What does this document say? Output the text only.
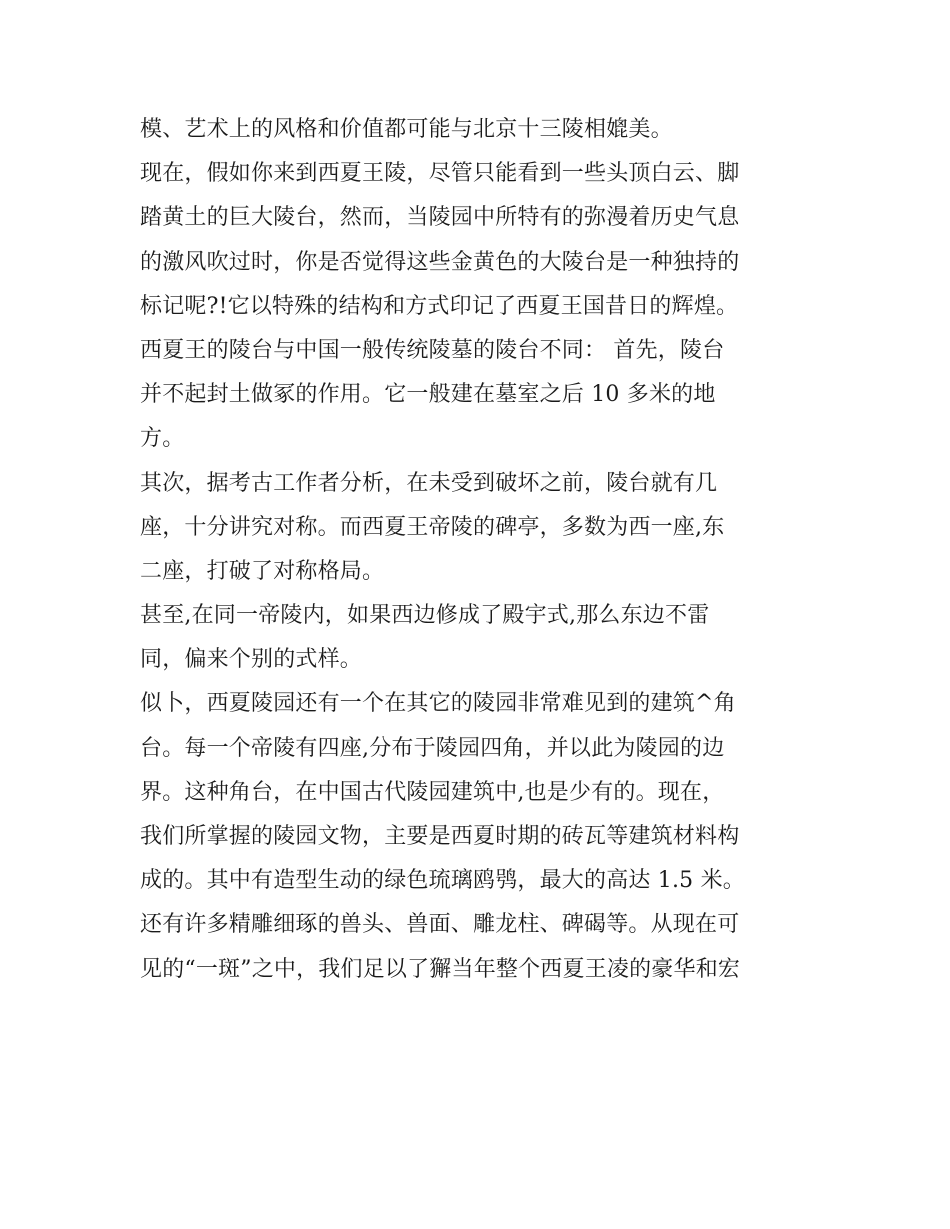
模、艺术上的风格和价值都可能与北京十三陵相媲美。
现在，假如你来到西夏王陵，尽管只能看到一些头顶白云、脚
踏黄土的巨大陵台，然而，当陵园中所特有的弥漫着历史气息
的激风吹过时，你是否觉得这些金黄色的大陵台是一种独持的
标记呢?!它以特殊的结构和方式印记了西夏王国昔日的辉煌。
西夏王的陵台与中国一般传统陵墓的陵台不同： 首先，陵台
并不起封土做冢的作用。它一般建在墓室之后 10 多米的地
方。
其次，据考古工作者分析，在未受到破坏之前，陵台就有几
座，十分讲究对称。而西夏王帝陵的碑亭，多数为西一座,东
二座，打破了对称格局。
甚至,在同一帝陵内，如果西边修成了殿宇式,那么东边不雷
同，偏来个别的式样。
似卜，西夏陵园还有一个在其它的陵园非常难见到的建筑^角
台。每一个帝陵有四座,分布于陵园四角，并以此为陵园的边
界。这种角台，在中国古代陵园建筑中,也是少有的。现在，
我们所掌握的陵园文物，主要是西夏时期的砖瓦等建筑材料构
成的。其中有造型生动的绿色琉璃鸥鸮，最大的高达 1.5 米。
还有许多精雕细琢的兽头、兽面、雕龙柱、碑碣等。从现在可
见的“一斑”之中，我们足以了獬当年整个西夏王凌的豪华和宏
